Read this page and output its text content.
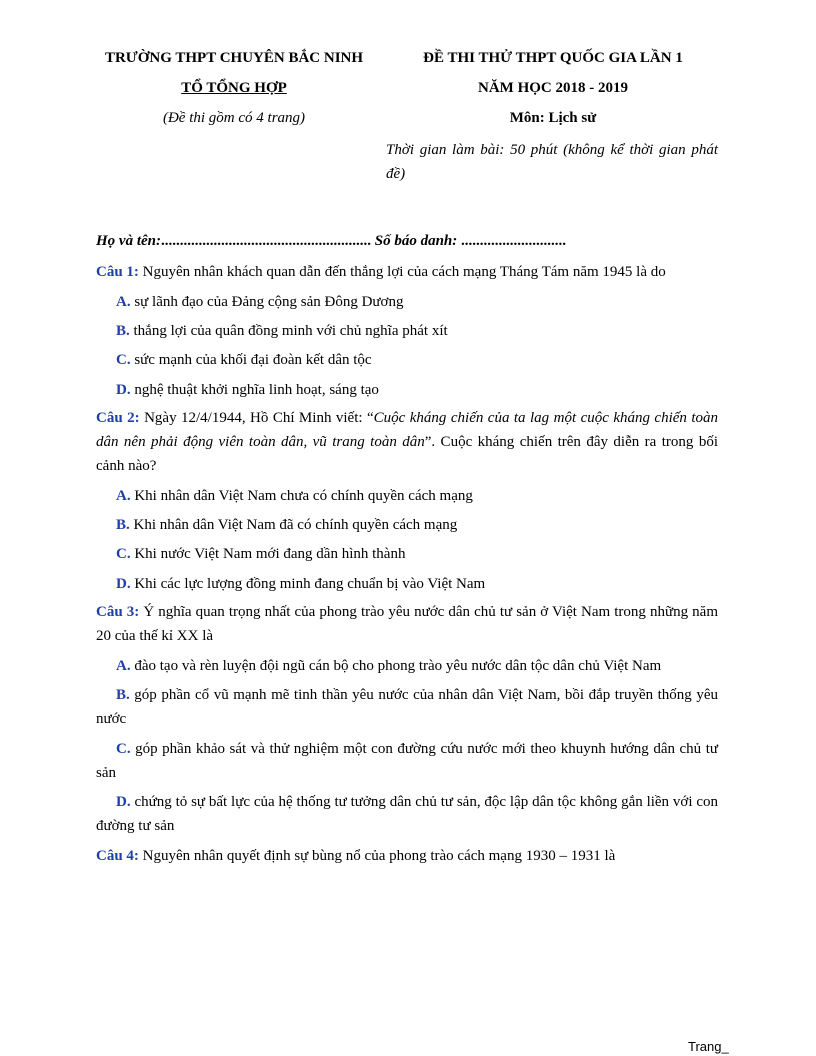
TRƯỜNG THPT CHUYÊN BẮC NINH
TỔ TỔNG HỢP
(Đề thi gồm có 4 trang)
ĐỀ THI THỬ THPT QUỐC GIA LẦN 1
NĂM HỌC 2018 - 2019
Môn: Lịch sử
Thời gian làm bài: 50 phút (không kể thời gian phát đề)
Họ và tên:........................................................ Số báo danh: ............................
Câu 1: Nguyên nhân khách quan dẫn đến thắng lợi của cách mạng Tháng Tám năm 1945 là do
A. sự lãnh đạo của Đảng cộng sản Đông Dương
B. thắng lợi của quân đồng minh với chủ nghĩa phát xít
C. sức mạnh của khối đại đoàn kết dân tộc
D. nghệ thuật khởi nghĩa linh hoạt, sáng tạo
Câu 2: Ngày 12/4/1944, Hồ Chí Minh viết: “Cuộc kháng chiến của ta lag một cuộc kháng chiến toàn dân nên phải động viên toàn dân, vũ trang toàn dân”. Cuộc kháng chiến trên đây diễn ra trong bối cảnh nào?
A. Khi nhân dân Việt Nam chưa có chính quyền cách mạng
B. Khi nhân dân Việt Nam đã có chính quyền cách mạng
C. Khi nước Việt Nam mới đang dần hình thành
D. Khi các lực lượng đồng minh đang chuẩn bị vào Việt Nam
Câu 3: Ý nghĩa quan trọng nhất của phong trào yêu nước dân chủ tư sản ở Việt Nam trong những năm 20 của thế kỉ XX là
A. đào tạo và rèn luyện đội ngũ cán bộ cho phong trào yêu nước dân tộc dân chủ Việt Nam
B. góp phần cổ vũ mạnh mẽ tinh thần yêu nước của nhân dân Việt Nam, bồi đắp truyền thống yêu nước
C. góp phần khảo sát và thử nghiệm một con đường cứu nước mới theo khuynh hướng dân chủ tư sản
D. chứng tỏ sự bất lực của hệ thống tư tưởng dân chủ tư sản, độc lập dân tộc không gắn liền với con đường tư sản
Câu 4: Nguyên nhân quyết định sự bùng nổ của phong trào cách mạng 1930 – 1931 là
Trang_
